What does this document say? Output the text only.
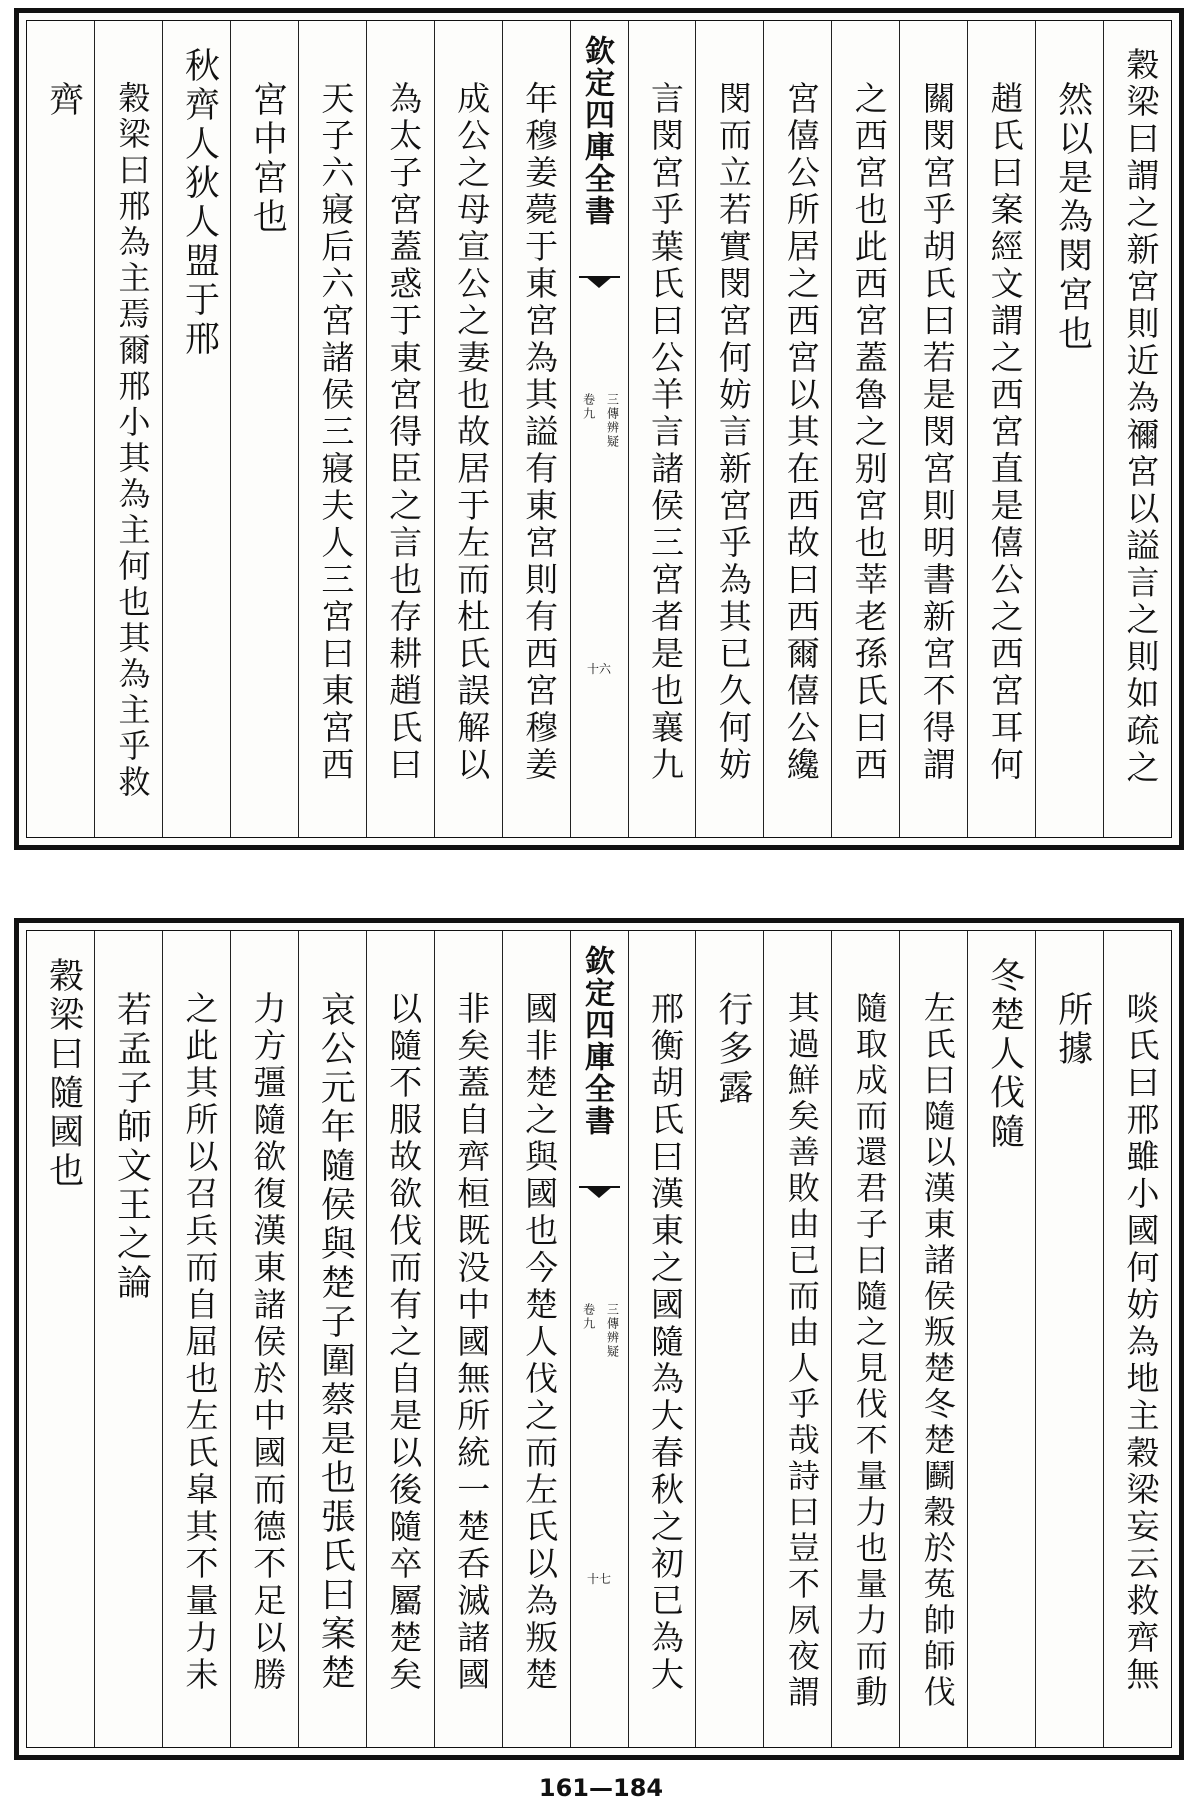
穀梁曰謂之新宮則近為禰宮以謚言之則如疏之
然以是為閔宮也
趙氏曰案經文謂之西宮直是僖公之西宮耳何
關閔宮乎胡氏曰若是閔宮則明書新宮不得謂
之西宮也此西宮蓋魯之别宮也莘老孫氏曰西
宮僖公所居之西宮以其在西故曰西爾僖公纔
閔而立若實閔宮何妨言新宮乎為其已久何妨
言閔宮乎葉氏曰公羊言諸侯三宮者是也襄九
欽定四庫全書
三傳辨疑
卷九
十六
年穆姜薨于東宮為其謚有東宮則有西宮穆姜
成公之母宣公之妻也故居于左而杜氏誤解以
為太子宮蓋惑于東宮得臣之言也存耕趙氏曰
天子六寢后六宮諸侯三寢夫人三宮曰東宮西
宮中宮也
秋齊人狄人盟于邢
穀梁曰邢為主焉爾邢小其為主何也其為主乎救
齊
啖氏曰邢雖小國何妨為地主穀梁妄云救齊無
所據
冬楚人伐隨
左氏曰隨以漢東諸侯叛楚冬楚鬬穀於菟帥師伐
隨取成而還君子曰隨之見伐不量力也量力而動
其過鮮矣善敗由已而由人乎哉詩曰豈不夙夜謂
行多露
邢衡胡氏曰漢東之國隨為大春秋之初已為大
欽定四庫全書
三傳辨疑
卷九
十七
國非楚之與國也今楚人伐之而左氏以為叛楚
非矣蓋自齊桓既没中國無所統一楚呑滅諸國
以隨不服故欲伐而有之自是以後隨卒屬楚矣
哀公元年隨侯與楚子圍蔡是也張氏曰案楚
力方彊隨欲復漢東諸侯於中國而德不足以勝
之此其所以召兵而自屈也左氏皐其不量力未
若孟子師文王之論
穀梁曰隨國也
161—184
